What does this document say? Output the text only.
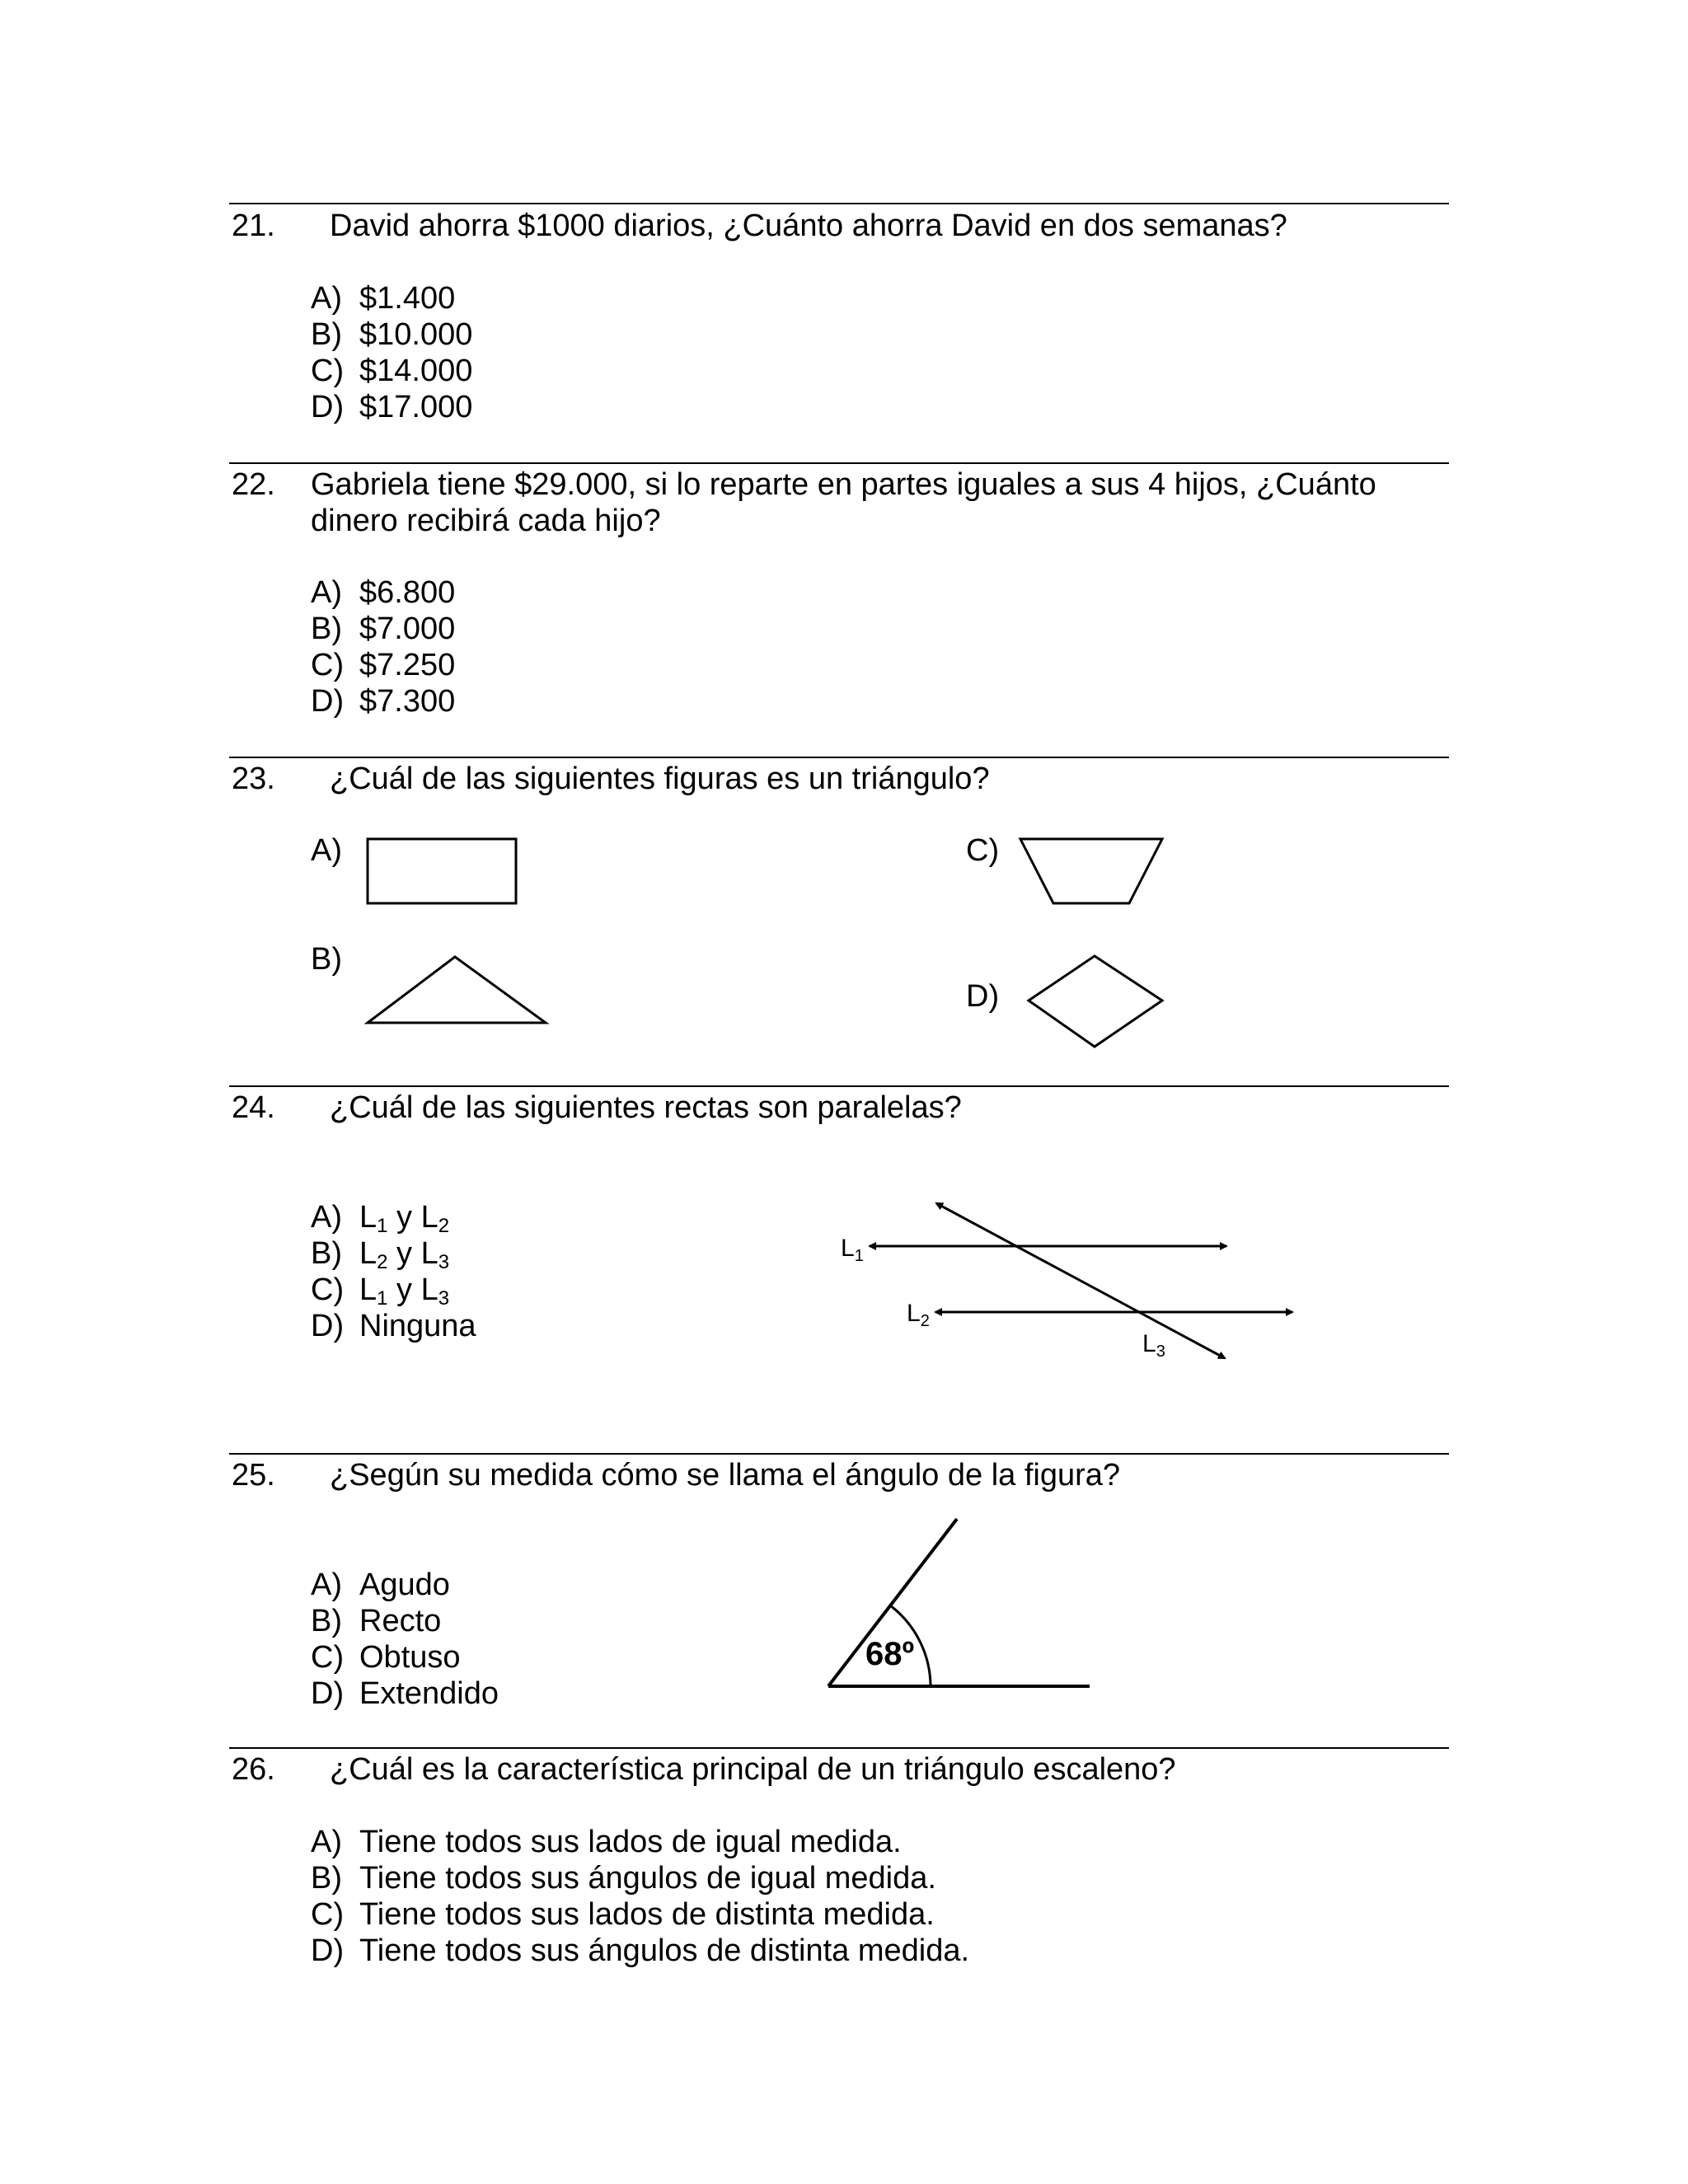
21. David ahorra $1000 diarios, ¿Cuánto ahorra David en dos semanas?
A) $1.400
B) $10.000
C) $14.000
D) $17.000
22. Gabriela tiene $29.000, si lo reparte en partes iguales a sus 4 hijos, ¿Cuánto
dinero recibirá cada hijo?
A) $6.800
B) $7.000
C) $7.250
D) $7.300
23. ¿Cuál de las siguientes figuras es un triángulo?
A)
B)
C)
D)
24. ¿Cuál de las siguientes rectas son paralelas?
A) $L_1$ y $L_2$
B) $L_2$ y $L_3$
C) $L_1$ y $L_3$
D) Ninguna
$L_1$
$L_2$
$L_3$
25. ¿Según su medida cómo se llama el ángulo de la figura?
A) Agudo
B) Recto
C) Obtuso
D) Extendido
68º
26. ¿Cuál es la característica principal de un triángulo escaleno?
A) Tiene todos sus lados de igual medida.
B) Tiene todos sus ángulos de igual medida.
C) Tiene todos sus lados de distinta medida.
D) Tiene todos sus ángulos de distinta medida.
